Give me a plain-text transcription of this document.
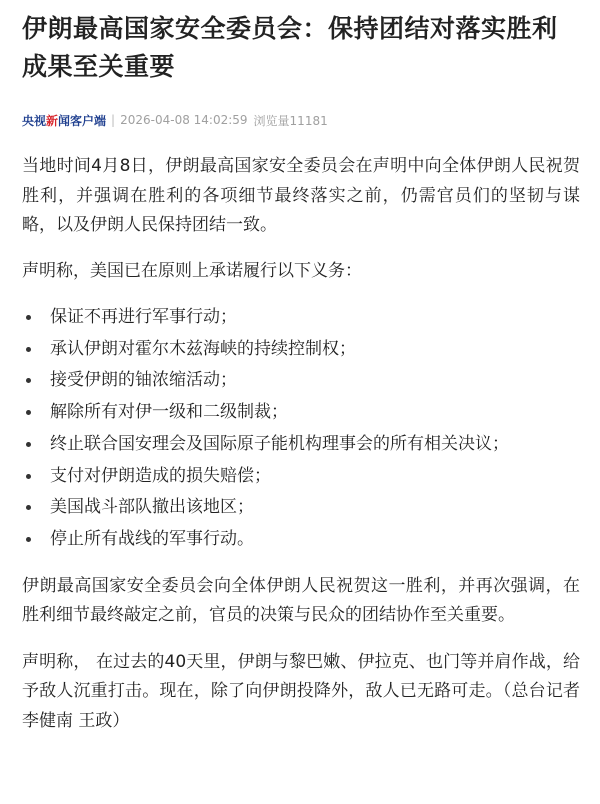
伊朗最高国家安全委员会：保持团结对落实胜利成果至关重要
央视新闻客户端 | 2026-04-08 14:02:59 浏览量11181

当地时间4月8日，伊朗最高国家安全委员会在声明中向全体伊朗人民祝贺胜利，并强调在胜利的各项细节最终落实之前，仍需官员们的坚韧与谋略，以及伊朗人民保持团结一致。

声明称，美国已在原则上承诺履行以下义务：

保证不再进行军事行动；
承认伊朗对霍尔木兹海峡的持续控制权；
接受伊朗的铀浓缩活动；
解除所有对伊一级和二级制裁；
终止联合国安理会及国际原子能机构理事会的所有相关决议；
支付对伊朗造成的损失赔偿；
美国战斗部队撤出该地区；
停止所有战线的军事行动。

伊朗最高国家安全委员会向全体伊朗人民祝贺这一胜利，并再次强调，在胜利细节最终敲定之前，官员的决策与民众的团结协作至关重要。

声明称， 在过去的40天里，伊朗与黎巴嫩、伊拉克、也门等并肩作战，给予敌人沉重打击。现在，除了向伊朗投降外，敌人已无路可走。（总台记者 李健南 王政）
